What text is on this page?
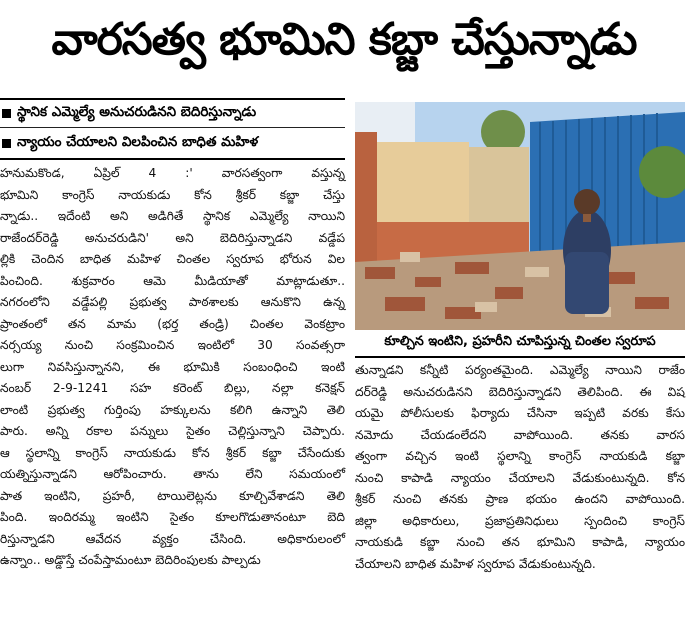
వారసత్వ భూమిని కబ్జా చేస్తున్నాడు
స్థానిక ఎమ్మెల్యే అనుచరుడినని బెదిరిస్తున్నాడు
న్యాయం చేయాలని విలపించిన బాధిత మహిళ

హనుమకొండ, ఏప్రిల్ 4 :' వారసత్వంగా వస్తున్న

భూమిని కాంగ్రెస్ నాయకుడు కోన శ్రీకర్ కబ్జా చేస్తు

న్నాడు.. ఇదేంటి అని అడిగితే స్థానిక ఎమ్మెల్యే నాయిని

రాజేందర్‌రెడ్డి అనుచరుడిని' అని బెదిరిస్తున్నాడని వడ్డేప

ల్లికి చెందిన బాధిత మహిళ చింతల స్వరూప భోరున విల

పించింది. శుక్రవారం ఆమె మీడియాతో మాట్లాడుతూ..

నగరంలోని వడ్డేపల్లి ప్రభుత్వ పాఠశాలకు ఆనుకొని ఉన్న

ప్రాంతంలో తన మామ (భర్త తండ్రి) చింతల వెంకట్రాం

నర్సయ్య నుంచి సంక్రమించిన ఇంటిలో 30 సంవత్సరా

లుగా నివసిస్తున్నానని, ఈ భూమికి సంబంధించి ఇంటి

నంబర్ 2-9-1241 సహ కరెంట్ బిల్లు, నల్లా కనెక్షన్

లాంటి ప్రభుత్వ గుర్తింపు హక్కులను కలిగి ఉన్నాని తెలి

పారు. అన్ని రకాల పన్నులు సైతం చెల్లిస్తున్నాని చెప్పారు.

ఆ స్థలాన్ని కాంగ్రెస్ నాయకుడు కోన శ్రీకర్ కబ్జా చేసేందుకు

యత్నిస్తున్నాడని ఆరోపించారు. తాను లేని సమయంలో

పాత ఇంటిని, ప్రహరీ, టాయిలెట్లను కూల్చివేశాడని తెలి

పింది. ఇందిరమ్మ ఇంటిని సైతం కూలగొడుతానంటూ బెది

రిస్తున్నాడని ఆవేదన వ్యక్తం చేసింది. అధికారులంలో

ఉన్నాం.. అడ్డొస్తే చంపేస్తామంటూ బెదిరింపులకు పాల్పడు

కూల్చిన ఇంటిని, ప్రహరీని చూపిస్తున్న చింతల స్వరూప

తున్నాడని కన్నీటి పర్యంతమైంది. ఎమ్మెల్యే నాయిని రాజేం

దర్‌రెడ్డి అనుచరుడినని బెదిరిస్తున్నాడని తెలిపింది. ఈ విష

యమై పోలీసులకు ఫిర్యాదు చేసినా ఇప్పటి వరకు కేసు

నమోదు చేయడంలేదని వాపోయింది. తనకు వారస

త్వంగా వచ్చిన ఇంటి స్థలాన్ని కాంగ్రెస్ నాయకుడి కబ్జా

నుంచి కాపాడి న్యాయం చేయాలని వేడుకుంటున్నది. కోన

శ్రీకర్ నుంచి తనకు ప్రాణ భయం ఉందని వాపోయింది.

జిల్లా అధికారులు, ప్రజాప్రతినిధులు స్పందించి కాంగ్రెస్

నాయకుడి కబ్జా నుంచి తన భూమిని కాపాడి, న్యాయం

చేయాలని బాధిత మహిళ స్వరూప వేడుకుంటున్నది.
